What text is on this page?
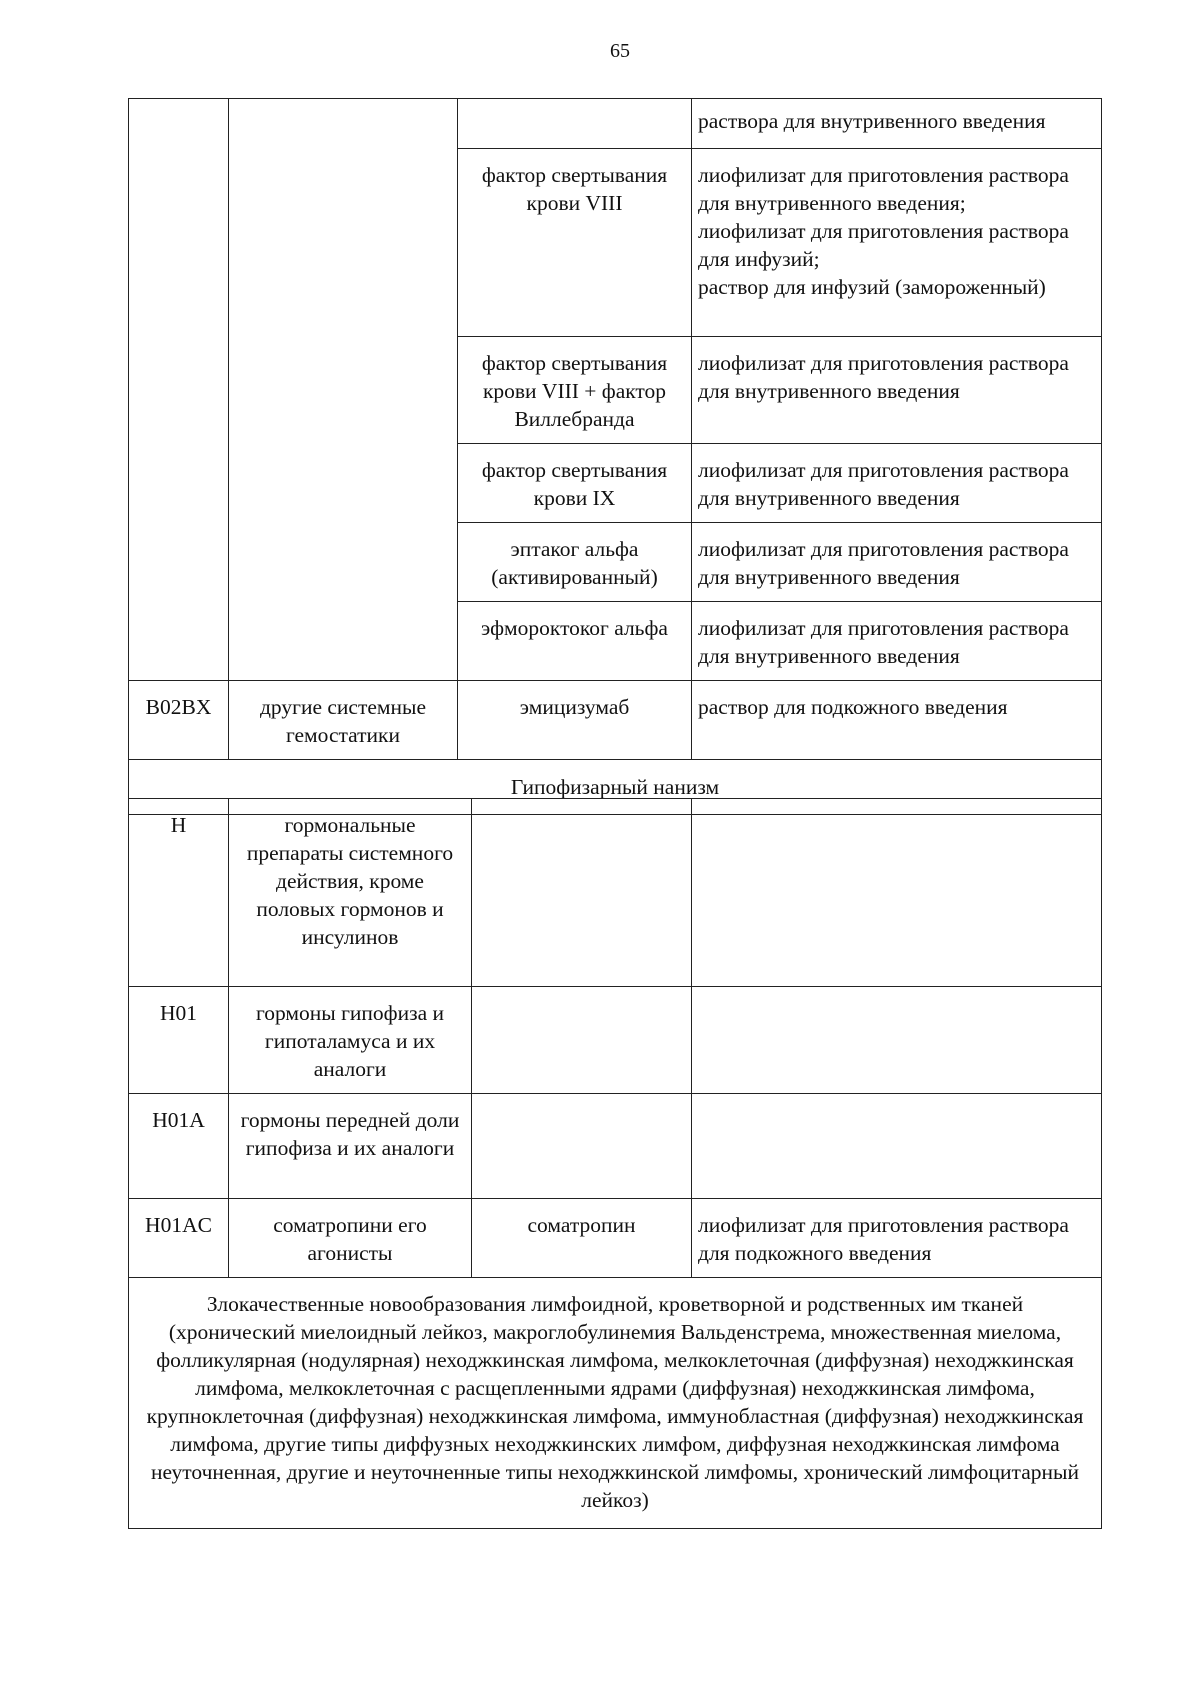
65
			раствора для внутривенного введения
		фактор свертывания крови VIII	лиофилизат для приготовления раствора для внутривенного введения;
лиофилизат для приготовления раствора для инфузий;
раствор для инфузий (замороженный)
		фактор свертывания крови VIII + фактор Виллебранда	лиофилизат для приготовления раствора для внутривенного введения
		фактор свертывания крови IX	лиофилизат для приготовления раствора для внутривенного введения
		эптаког альфа (активированный)	лиофилизат для приготовления раствора для внутривенного введения
		эфмороктоког альфа	лиофилизат для приготовления раствора для внутривенного введения
B02BX	другие системные гемостатики	эмицизумаб	раствор для подкожного введения
Гипофизарный нанизм			
H	гормональные препараты системного действия, кроме половых гормонов и инсулинов		
H01	гормоны гипофиза и гипоталамуса и их аналоги		
H01A	гормоны передней доли гипофиза и их аналоги		
H01AC	соматропини его агонисты	соматропин	лиофилизат для приготовления раствора для подкожного введения
Злокачественные новообразования лимфоидной, кроветворной и родственных им тканей (хронический миелоидный лейкоз, макроглобулинемия Вальденстрема, множественная миелома, фолликулярная (нодулярная) неходжкинская лимфома, мелкоклеточная (диффузная) неходжкинская лимфома, мелкоклеточная с расщепленными ядрами (диффузная) неходжкинская лимфома, крупноклеточная (диффузная) неходжкинская лимфома, иммунобластная (диффузная) неходжкинская лимфома, другие типы диффузных неходжкинских лимфом, диффузная неходжкинская лимфома неуточненная, другие и неуточненные типы неходжкинской лимфомы, хронический лимфоцитарный лейкоз)			
